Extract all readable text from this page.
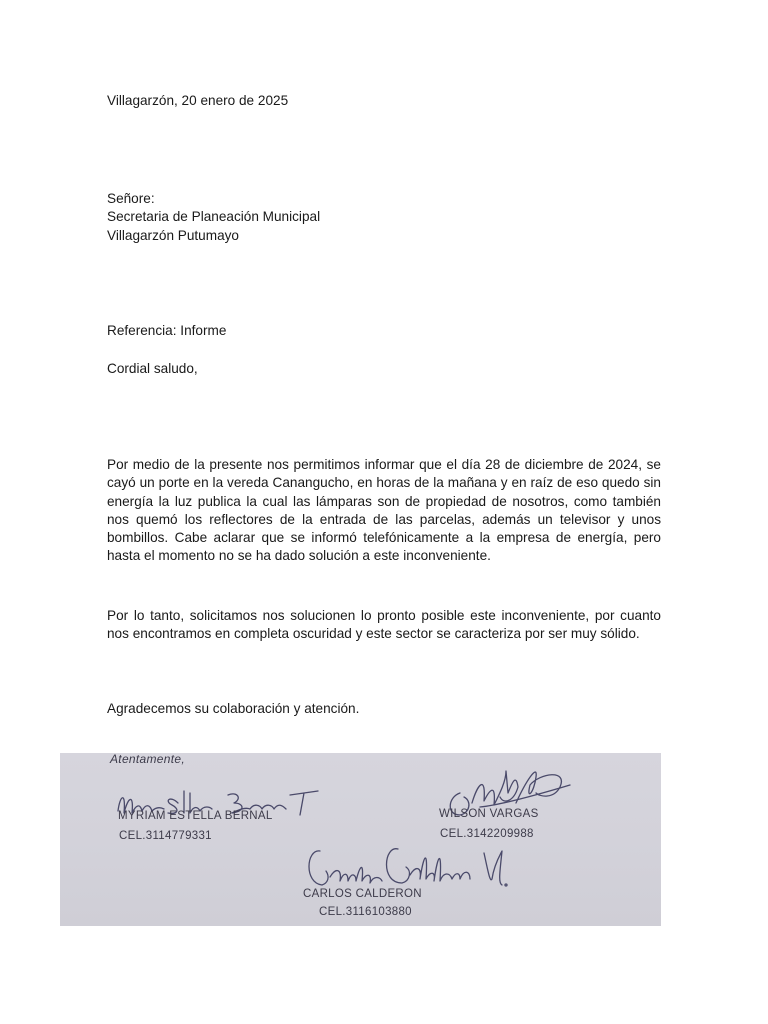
Villagarzón, 20 enero de 2025
Señore:
Secretaria de Planeación Municipal
Villagarzón Putumayo
Referencia: Informe
Cordial saludo,

Por medio de la presente nos permitimos informar que el día 28 de diciembre de 2024, se cayó un porte en la vereda Canangucho, en horas de la mañana y en raíz de eso quedo sin energía la luz publica la cual las lámparas son de propiedad de nosotros, como también nos quemó los reflectores de la entrada de las parcelas, además un televisor y unos bombillos. Cabe aclarar que se informó telefónicamente a la empresa de energía, pero hasta el momento no se ha dado solución a este inconveniente.

Por lo tanto, solicitamos nos solucionen lo pronto posible este inconveniente, por cuanto nos encontramos en completa oscuridad y este sector se caracteriza por ser muy sólido.

Agradecemos su colaboración y atención.
Atentamente,
MYRIAM ESTELLA BERNAL
CEL.3114779331
WILSON VARGAS
CEL.3142209988
CARLOS CALDERON
CEL.3116103880
